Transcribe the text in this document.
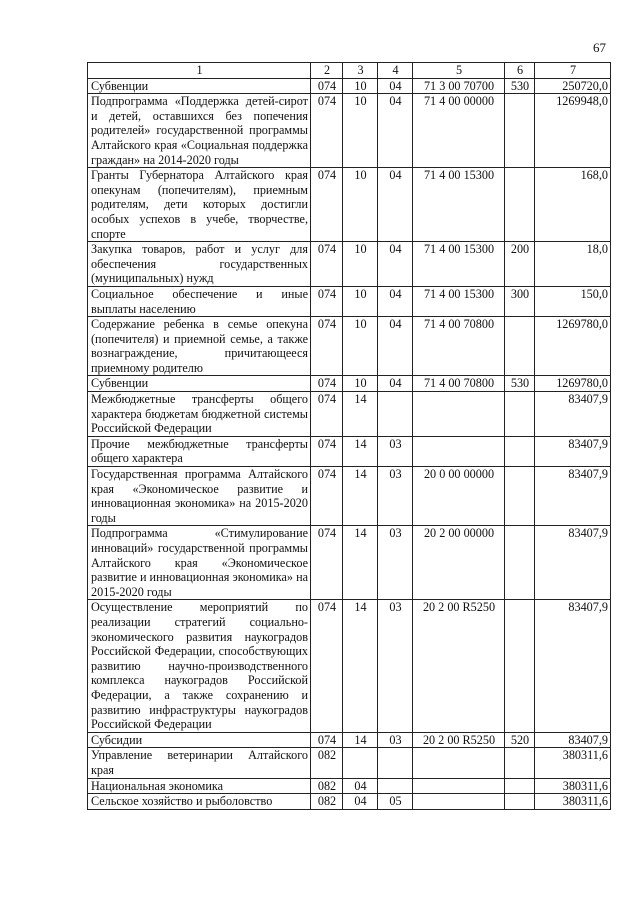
67
1	2	3	4	5	6	7
Субвенции	074	10	04	71 3 00 70700	530	250720,0
Подпрограмма «Поддержка детей-сирот и детей, оставшихся без попечения родителей» государственной программы Алтайского края «Социальная поддержка граждан» на 2014-2020 годы	074	10	04	71 4 00 00000		1269948,0
Гранты Губернатора Алтайского края опекунам (попечителям), приемным родителям, дети которых достигли особых успехов в учебе, творчестве, спорте	074	10	04	71 4 00 15300		168,0
Закупка товаров, работ и услуг для обеспечения государственных (муниципальных) нужд	074	10	04	71 4 00 15300	200	18,0
Социальное обеспечение и иные выплаты населению	074	10	04	71 4 00 15300	300	150,0
Содержание ребенка в семье опекуна (попечителя) и приемной семье, а также вознаграждение, причитающееся приемному родителю	074	10	04	71 4 00 70800		1269780,0
Субвенции	074	10	04	71 4 00 70800	530	1269780,0
Межбюджетные трансферты общего характера бюджетам бюджетной системы Российской Федерации	074	14				83407,9
Прочие межбюджетные трансферты общего характера	074	14	03			83407,9
Государственная программа Алтайского края «Экономическое развитие и инновационная экономика» на 2015-2020 годы	074	14	03	20 0 00 00000		83407,9
Подпрограмма «Стимулирование инноваций» государственной программы Алтайского края «Экономическое развитие и инновационная экономика» на 2015-2020 годы	074	14	03	20 2 00 00000		83407,9
Осуществление мероприятий по реализации стратегий социально-экономического развития наукоградов Российской Федерации, способствующих развитию научно-производственного комплекса наукоградов Российской Федерации, а также сохранению и развитию инфраструктуры наукоградов Российской Федерации	074	14	03	20 2 00 R5250		83407,9
Субсидии	074	14	03	20 2 00 R5250	520	83407,9
Управление ветеринарии Алтайского края	082					380311,6
Национальная экономика	082	04				380311,6
Сельское хозяйство и рыболовство	082	04	05			380311,6
